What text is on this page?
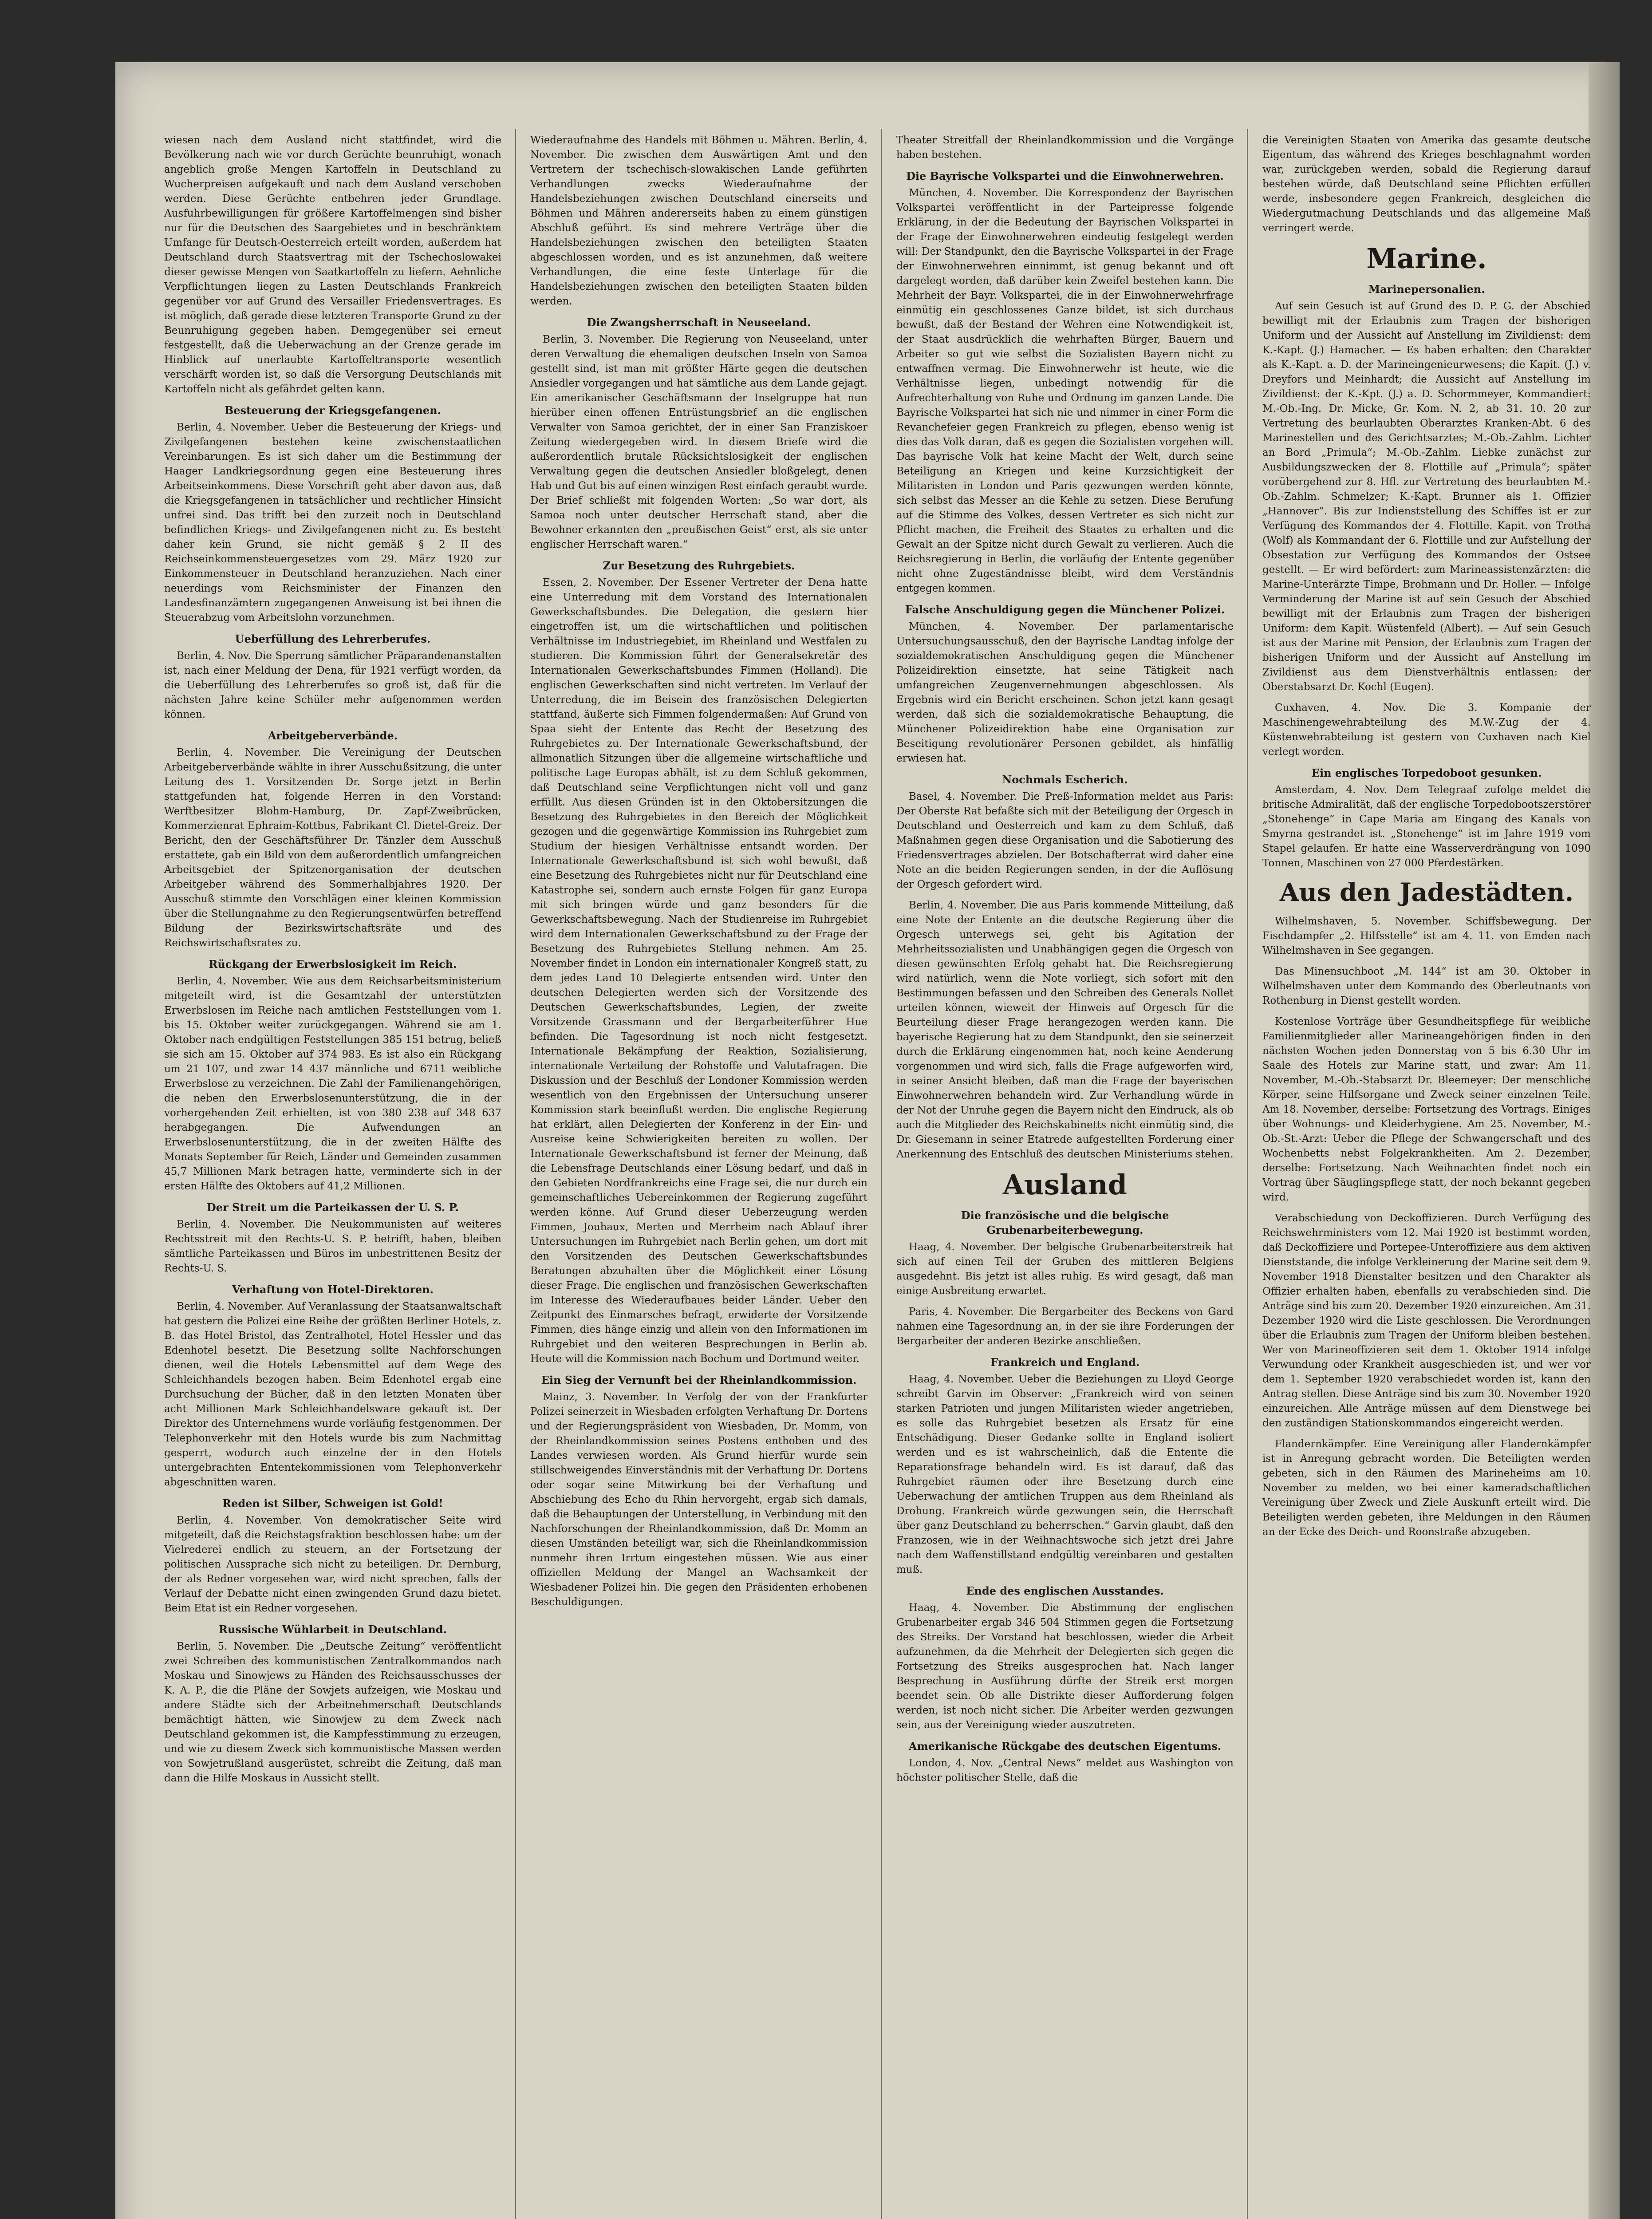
wiesen nach dem Ausland nicht stattfindet, wird die Bevölkerung nach wie vor durch Gerüchte beunruhigt, wonach angeblich große Mengen Kartoffeln in Deutschland zu Wucherpreisen aufgekauft und nach dem Ausland verschoben werden. Diese Gerüchte entbehren jeder Grundlage. Ausfuhrbewilligungen für größere Kartoffelmengen sind bisher nur für die Deutschen des Saargebietes und in beschränktem Umfange für Deutsch-Oesterreich erteilt worden, außerdem hat Deutschland durch Staatsvertrag mit der Tschechoslowakei dieser gewisse Mengen von Saatkartoffeln zu liefern. Aehnliche Verpflichtungen liegen zu Lasten Deutschlands Frankreich gegenüber vor auf Grund des Versailler Friedensvertrages. Es ist möglich, daß gerade diese letzteren Transporte Grund zu der Beunruhigung gegeben haben. Demgegenüber sei erneut festgestellt, daß die Ueberwachung an der Grenze gerade im Hinblick auf unerlaubte Kartoffeltransporte wesentlich verschärft worden ist, so daß die Versorgung Deutschlands mit Kartoffeln nicht als gefährdet gelten kann.

Besteuerung der Kriegsgefangenen.

Berlin, 4. November. Ueber die Besteuerung der Kriegs- und Zivilgefangenen bestehen keine zwischenstaatlichen Vereinbarungen. Es ist sich daher um die Bestimmung der Haager Landkriegsordnung gegen eine Besteuerung ihres Arbeitseinkommens. Diese Vorschrift geht aber davon aus, daß die Kriegsgefangenen in tatsächlicher und rechtlicher Hinsicht unfrei sind. Das trifft bei den zurzeit noch in Deutschland befindlichen Kriegs- und Zivilgefangenen nicht zu. Es besteht daher kein Grund, sie nicht gemäß § 2 II des Reichseinkommensteuergesetzes vom 29. März 1920 zur Einkommensteuer in Deutschland heranzuziehen. Nach einer neuerdings vom Reichsminister der Finanzen den Landesfinanzämtern zugegangenen Anweisung ist bei ihnen die Steuerabzug vom Arbeitslohn vorzunehmen.

Ueberfüllung des Lehrerberufes.

Berlin, 4. Nov. Die Sperrung sämtlicher Präparandenanstalten ist, nach einer Meldung der Dena, für 1921 verfügt worden, da die Ueberfüllung des Lehrerberufes so groß ist, daß für die nächsten Jahre keine Schüler mehr aufgenommen werden können.

Arbeitgeberverbände.

Berlin, 4. November. Die Vereinigung der Deutschen Arbeitgeberverbände wählte in ihrer Ausschußsitzung, die unter Leitung des 1. Vorsitzenden Dr. Sorge jetzt in Berlin stattgefunden hat, folgende Herren in den Vorstand: Werftbesitzer Blohm-Hamburg, Dr. Zapf-Zweibrücken, Kommerzienrat Ephraim-Kottbus, Fabrikant Cl. Dietel-Greiz. Der Bericht, den der Geschäftsführer Dr. Tänzler dem Ausschuß erstattete, gab ein Bild von dem außerordentlich umfangreichen Arbeitsgebiet der Spitzenorganisation der deutschen Arbeitgeber während des Sommerhalbjahres 1920. Der Ausschuß stimmte den Vorschlägen einer kleinen Kommission über die Stellungnahme zu den Regierungsentwürfen betreffend Bildung der Bezirkswirtschaftsräte und des Reichswirtschaftsrates zu.

Rückgang der Erwerbslosigkeit im Reich.

Berlin, 4. November. Wie aus dem Reichsarbeitsministerium mitgeteilt wird, ist die Gesamtzahl der unterstützten Erwerbslosen im Reiche nach amtlichen Feststellungen vom 1. bis 15. Oktober weiter zurückgegangen. Während sie am 1. Oktober nach endgültigen Feststellungen 385 151 betrug, beließ sie sich am 15. Oktober auf 374 983. Es ist also ein Rückgang um 21 107, und zwar 14 437 männliche und 6711 weibliche Erwerbslose zu verzeichnen. Die Zahl der Familienangehörigen, die neben den Erwerbslosenunterstützung, die in der vorhergehenden Zeit erhielten, ist von 380 238 auf 348 637 herabgegangen. Die Aufwendungen an Erwerbslosenunterstützung, die in der zweiten Hälfte des Monats September für Reich, Länder und Gemeinden zusammen 45,7 Millionen Mark betragen hatte, verminderte sich in der ersten Hälfte des Oktobers auf 41,2 Millionen.

Der Streit um die Parteikassen der U. S. P.

Berlin, 4. November. Die Neukommunisten auf weiteres Rechtsstreit mit den Rechts-U. S. P. betrifft, haben, bleiben sämtliche Parteikassen und Büros im unbestrittenen Besitz der Rechts-U. S.

Verhaftung von Hotel-Direktoren.

Berlin, 4. November. Auf Veranlassung der Staatsanwaltschaft hat gestern die Polizei eine Reihe der größten Berliner Hotels, z. B. das Hotel Bristol, das Zentralhotel, Hotel Hessler und das Edenhotel besetzt. Die Besetzung sollte Nachforschungen dienen, weil die Hotels Lebensmittel auf dem Wege des Schleichhandels bezogen haben. Beim Edenhotel ergab eine Durchsuchung der Bücher, daß in den letzten Monaten über acht Millionen Mark Schleichhandelsware gekauft ist. Der Direktor des Unternehmens wurde vorläufig festgenommen. Der Telephonverkehr mit den Hotels wurde bis zum Nachmittag gesperrt, wodurch auch einzelne der in den Hotels untergebrachten Ententekommissionen vom Telephonverkehr abgeschnitten waren.

Reden ist Silber, Schweigen ist Gold!

Berlin, 4. November. Von demokratischer Seite wird mitgeteilt, daß die Reichstagsfraktion beschlossen habe: um der Vielrederei endlich zu steuern, an der Fortsetzung der politischen Aussprache sich nicht zu beteiligen. Dr. Dernburg, der als Redner vorgesehen war, wird nicht sprechen, falls der Verlauf der Debatte nicht einen zwingenden Grund dazu bietet. Beim Etat ist ein Redner vorgesehen.

Russische Wühlarbeit in Deutschland.

Berlin, 5. November. Die „Deutsche Zeitung“ veröffentlicht zwei Schreiben des kommunistischen Zentralkommandos nach Moskau und Sinowjews zu Händen des Reichsausschusses der K. A. P., die die Pläne der Sowjets aufzeigen, wie Moskau und andere Städte sich der Arbeitnehmerschaft Deutschlands bemächtigt hätten, wie Sinowjew zu dem Zweck nach Deutschland gekommen ist, die Kampfesstimmung zu erzeugen, und wie zu diesem Zweck sich kommunistische Massen werden von Sowjetrußland ausgerüstet, schreibt die Zeitung, daß man dann die Hilfe Moskaus in Aussicht stellt.

Wiederaufnahme des Handels mit Böhmen u. Mähren. Berlin, 4. November. Die zwischen dem Auswärtigen Amt und den Vertretern der tschechisch-slowakischen Lande geführten Verhandlungen zwecks Wiederaufnahme der Handelsbeziehungen zwischen Deutschland einerseits und Böhmen und Mähren andererseits haben zu einem günstigen Abschluß geführt. Es sind mehrere Verträge über die Handelsbeziehungen zwischen den beteiligten Staaten abgeschlossen worden, und es ist anzunehmen, daß weitere Verhandlungen, die eine feste Unterlage für die Handelsbeziehungen zwischen den beteiligten Staaten bilden werden.

Die Zwangsherrschaft in Neuseeland.

Berlin, 3. November. Die Regierung von Neuseeland, unter deren Verwaltung die ehemaligen deutschen Inseln von Samoa gestellt sind, ist man mit größter Härte gegen die deutschen Ansiedler vorgegangen und hat sämtliche aus dem Lande gejagt. Ein amerikanischer Geschäftsmann der Inselgruppe hat nun hierüber einen offenen Entrüstungsbrief an die englischen Verwalter von Samoa gerichtet, der in einer San Franziskoer Zeitung wiedergegeben wird. In diesem Briefe wird die außerordentlich brutale Rücksichtslosigkeit der englischen Verwaltung gegen die deutschen Ansiedler bloßgelegt, denen Hab und Gut bis auf einen winzigen Rest einfach geraubt wurde. Der Brief schließt mit folgenden Worten: „So war dort, als Samoa noch unter deutscher Herrschaft stand, aber die Bewohner erkannten den „preußischen Geist“ erst, als sie unter englischer Herrschaft waren.“

Zur Besetzung des Ruhrgebiets.

Essen, 2. November. Der Essener Vertreter der Dena hatte eine Unterredung mit dem Vorstand des Internationalen Gewerkschaftsbundes. Die Delegation, die gestern hier eingetroffen ist, um die wirtschaftlichen und politischen Verhältnisse im Industriegebiet, im Rheinland und Westfalen zu studieren. Die Kommission führt der Generalsekretär des Internationalen Gewerkschaftsbundes Fimmen (Holland). Die englischen Gewerkschaften sind nicht vertreten. Im Verlauf der Unterredung, die im Beisein des französischen Delegierten stattfand, äußerte sich Fimmen folgendermaßen: Auf Grund von Spaa sieht der Entente das Recht der Besetzung des Ruhrgebietes zu. Der Internationale Gewerkschaftsbund, der allmonatlich Sitzungen über die allgemeine wirtschaftliche und politische Lage Europas abhält, ist zu dem Schluß gekommen, daß Deutschland seine Verpflichtungen nicht voll und ganz erfüllt. Aus diesen Gründen ist in den Oktobersitzungen die Besetzung des Ruhrgebietes in den Bereich der Möglichkeit gezogen und die gegenwärtige Kommission ins Ruhrgebiet zum Studium der hiesigen Verhältnisse entsandt worden. Der Internationale Gewerkschaftsbund ist sich wohl bewußt, daß eine Besetzung des Ruhrgebietes nicht nur für Deutschland eine Katastrophe sei, sondern auch ernste Folgen für ganz Europa mit sich bringen würde und ganz besonders für die Gewerkschaftsbewegung. Nach der Studienreise im Ruhrgebiet wird dem Internationalen Gewerkschaftsbund zu der Frage der Besetzung des Ruhrgebietes Stellung nehmen. Am 25. November findet in London ein internationaler Kongreß statt, zu dem jedes Land 10 Delegierte entsenden wird. Unter den deutschen Delegierten werden sich der Vorsitzende des Deutschen Gewerkschaftsbundes, Legien, der zweite Vorsitzende Grassmann und der Bergarbeiterführer Hue befinden. Die Tagesordnung ist noch nicht festgesetzt. Internationale Bekämpfung der Reaktion, Sozialisierung, internationale Verteilung der Rohstoffe und Valutafragen. Die Diskussion und der Beschluß der Londoner Kommission werden wesentlich von den Ergebnissen der Untersuchung unserer Kommission stark beeinflußt werden. Die englische Regierung hat erklärt, allen Delegierten der Konferenz in der Ein- und Ausreise keine Schwierigkeiten bereiten zu wollen. Der Internationale Gewerkschaftsbund ist ferner der Meinung, daß die Lebensfrage Deutschlands einer Lösung bedarf, und daß in den Gebieten Nordfrankreichs eine Frage sei, die nur durch ein gemeinschaftliches Uebereinkommen der Regierung zugeführt werden könne. Auf Grund dieser Ueberzeugung werden Fimmen, Jouhaux, Merten und Merrheim nach Ablauf ihrer Untersuchungen im Ruhrgebiet nach Berlin gehen, um dort mit den Vorsitzenden des Deutschen Gewerkschaftsbundes Beratungen abzuhalten über die Möglichkeit einer Lösung dieser Frage. Die englischen und französischen Gewerkschaften im Interesse des Wiederaufbaues beider Länder. Ueber den Zeitpunkt des Einmarsches befragt, erwiderte der Vorsitzende Fimmen, dies hänge einzig und allein von den Informationen im Ruhrgebiet und den weiteren Besprechungen in Berlin ab. Heute will die Kommission nach Bochum und Dortmund weiter.

Ein Sieg der Vernunft bei der Rheinlandkommission.

Mainz, 3. November. In Verfolg der von der Frankfurter Polizei seinerzeit in Wiesbaden erfolgten Verhaftung Dr. Dortens und der Regierungspräsident von Wiesbaden, Dr. Momm, von der Rheinlandkommission seines Postens enthoben und des Landes verwiesen worden. Als Grund hierfür wurde sein stillschweigendes Einverständnis mit der Verhaftung Dr. Dortens oder sogar seine Mitwirkung bei der Verhaftung und Abschiebung des Echo du Rhin hervorgeht, ergab sich damals, daß die Behauptungen der Unterstellung, in Verbindung mit den Nachforschungen der Rheinlandkommission, daß Dr. Momm an diesen Umständen beteiligt war, sich die Rheinlandkommission nunmehr ihren Irrtum eingestehen müssen. Wie aus einer offiziellen Meldung der Mangel an Wachsamkeit der Wiesbadener Polizei hin. Die gegen den Präsidenten erhobenen Beschuldigungen.

Theater Streitfall der Rheinlandkommission und die Vorgänge haben bestehen.

Die Bayrische Volkspartei und die Einwohnerwehren.

München, 4. November. Die Korrespondenz der Bayrischen Volkspartei veröffentlicht in der Parteipresse folgende Erklärung, in der die Bedeutung der Bayrischen Volkspartei in der Frage der Einwohnerwehren eindeutig festgelegt werden will: Der Standpunkt, den die Bayrische Volkspartei in der Frage der Einwohnerwehren einnimmt, ist genug bekannt und oft dargelegt worden, daß darüber kein Zweifel bestehen kann. Die Mehrheit der Bayr. Volkspartei, die in der Einwohnerwehrfrage einmütig ein geschlossenes Ganze bildet, ist sich durchaus bewußt, daß der Bestand der Wehren eine Notwendigkeit ist, der Staat ausdrücklich die wehrhaften Bürger, Bauern und Arbeiter so gut wie selbst die Sozialisten Bayern nicht zu entwaffnen vermag. Die Einwohnerwehr ist heute, wie die Verhältnisse liegen, unbedingt notwendig für die Aufrechterhaltung von Ruhe und Ordnung im ganzen Lande. Die Bayrische Volkspartei hat sich nie und nimmer in einer Form die Revanchefeier gegen Frankreich zu pflegen, ebenso wenig ist dies das Volk daran, daß es gegen die Sozialisten vorgehen will. Das bayrische Volk hat keine Macht der Welt, durch seine Beteiligung an Kriegen und keine Kurzsichtigkeit der Militaristen in London und Paris gezwungen werden könnte, sich selbst das Messer an die Kehle zu setzen. Diese Berufung auf die Stimme des Volkes, dessen Vertreter es sich nicht zur Pflicht machen, die Freiheit des Staates zu erhalten und die Gewalt an der Spitze nicht durch Gewalt zu verlieren. Auch die Reichsregierung in Berlin, die vorläufig der Entente gegenüber nicht ohne Zugeständnisse bleibt, wird dem Verständnis entgegen kommen.

Falsche Anschuldigung gegen die Münchener Polizei.

München, 4. November. Der parlamentarische Untersuchungsausschuß, den der Bayrische Landtag infolge der sozialdemokratischen Anschuldigung gegen die Münchener Polizeidirektion einsetzte, hat seine Tätigkeit nach umfangreichen Zeugenvernehmungen abgeschlossen. Als Ergebnis wird ein Bericht erscheinen. Schon jetzt kann gesagt werden, daß sich die sozialdemokratische Behauptung, die Münchener Polizeidirektion habe eine Organisation zur Beseitigung revolutionärer Personen gebildet, als hinfällig erwiesen hat.

Nochmals Escherich.

Basel, 4. November. Die Preß-Information meldet aus Paris: Der Oberste Rat befaßte sich mit der Beteiligung der Orgesch in Deutschland und Oesterreich und kam zu dem Schluß, daß Maßnahmen gegen diese Organisation und die Sabotierung des Friedensvertrages abzielen. Der Botschafterrat wird daher eine Note an die beiden Regierungen senden, in der die Auflösung der Orgesch gefordert wird.

Berlin, 4. November. Die aus Paris kommende Mitteilung, daß eine Note der Entente an die deutsche Regierung über die Orgesch unterwegs sei, geht bis Agitation der Mehrheitssozialisten und Unabhängigen gegen die Orgesch von diesen gewünschten Erfolg gehabt hat. Die Reichsregierung wird natürlich, wenn die Note vorliegt, sich sofort mit den Bestimmungen befassen und den Schreiben des Generals Nollet urteilen können, wieweit der Hinweis auf Orgesch für die Beurteilung dieser Frage herangezogen werden kann. Die bayerische Regierung hat zu dem Standpunkt, den sie seinerzeit durch die Erklärung eingenommen hat, noch keine Aenderung vorgenommen und wird sich, falls die Frage aufgeworfen wird, in seiner Ansicht bleiben, daß man die Frage der bayerischen Einwohnerwehren behandeln wird. Zur Verhandlung würde in der Not der Unruhe gegen die Bayern nicht den Eindruck, als ob auch die Mitglieder des Reichskabinetts nicht einmütig sind, die Dr. Giesemann in seiner Etatrede aufgestellten Forderung einer Anerkennung des Entschluß des deutschen Ministeriums stehen.

Ausland
Die französische und die belgische Grubenarbeiterbewegung.

Haag, 4. November. Der belgische Grubenarbeiterstreik hat sich auf einen Teil der Gruben des mittleren Belgiens ausgedehnt. Bis jetzt ist alles ruhig. Es wird gesagt, daß man einige Ausbreitung erwartet.

Paris, 4. November. Die Bergarbeiter des Beckens von Gard nahmen eine Tagesordnung an, in der sie ihre Forderungen der Bergarbeiter der anderen Bezirke anschließen.

Frankreich und England.

Haag, 4. November. Ueber die Beziehungen zu Lloyd George schreibt Garvin im Observer: „Frankreich wird von seinen starken Patrioten und jungen Militaristen wieder angetrieben, es solle das Ruhrgebiet besetzen als Ersatz für eine Entschädigung. Dieser Gedanke sollte in England isoliert werden und es ist wahrscheinlich, daß die Entente die Reparationsfrage behandeln wird. Es ist darauf, daß das Ruhrgebiet räumen oder ihre Besetzung durch eine Ueberwachung der amtlichen Truppen aus dem Rheinland als Drohung. Frankreich würde gezwungen sein, die Herrschaft über ganz Deutschland zu beherrschen.“ Garvin glaubt, daß den Franzosen, wie in der Weihnachtswoche sich jetzt drei Jahre nach dem Waffenstillstand endgültig vereinbaren und gestalten muß.

Ende des englischen Ausstandes.

Haag, 4. November. Die Abstimmung der englischen Grubenarbeiter ergab 346 504 Stimmen gegen die Fortsetzung des Streiks. Der Vorstand hat beschlossen, wieder die Arbeit aufzunehmen, da die Mehrheit der Delegierten sich gegen die Fortsetzung des Streiks ausgesprochen hat. Nach langer Besprechung in Ausführung dürfte der Streik erst morgen beendet sein. Ob alle Distrikte dieser Aufforderung folgen werden, ist noch nicht sicher. Die Arbeiter werden gezwungen sein, aus der Vereinigung wieder auszutreten.

Amerikanische Rückgabe des deutschen Eigentums.

London, 4. Nov. „Central News“ meldet aus Washington von höchster politischer Stelle, daß die

die Vereinigten Staaten von Amerika das gesamte deutsche Eigentum, das während des Krieges beschlagnahmt worden war, zurückgeben werden, sobald die Regierung darauf bestehen würde, daß Deutschland seine Pflichten erfüllen werde, insbesondere gegen Frankreich, desgleichen die Wiedergutmachung Deutschlands und das allgemeine Maß verringert werde.

Marine.
Marinepersonalien.

Auf sein Gesuch ist auf Grund des D. P. G. der Abschied bewilligt mit der Erlaubnis zum Tragen der bisherigen Uniform und der Aussicht auf Anstellung im Zivildienst: dem K.-Kapt. (J.) Hamacher. — Es haben erhalten: den Charakter als K.-Kapt. a. D. der Marineingenieurwesens; die Kapit. (J.) v. Dreyfors und Meinhardt; die Aussicht auf Anstellung im Zivildienst: der K.-Kpt. (J.) a. D. Schormmeyer, Kommandiert: M.-Ob.-Ing. Dr. Micke, Gr. Kom. N. 2, ab 31. 10. 20 zur Vertretung des beurlaubten Oberarztes Kranken-Abt. 6 des Marinestellen und des Gerichtsarztes; M.-Ob.-Zahlm. Lichter an Bord „Primula“; M.-Ob.-Zahlm. Liebke zunächst zur Ausbildungszwecken der 8. Flottille auf „Primula“; später vorübergehend zur 8. Hfl. zur Vertretung des beurlaubten M.-Ob.-Zahlm. Schmelzer; K.-Kapt. Brunner als 1. Offizier „Hannover“. Bis zur Indienststellung des Schiffes ist er zur Verfügung des Kommandos der 4. Flottille. Kapit. von Trotha (Wolf) als Kommandant der 6. Flottille und zur Aufstellung der Obsestation zur Verfügung des Kommandos der Ostsee gestellt. — Er wird befördert: zum Marineassistenzärzten: die Marine-Unterärzte Timpe, Brohmann und Dr. Holler. — Infolge Verminderung der Marine ist auf sein Gesuch der Abschied bewilligt mit der Erlaubnis zum Tragen der bisherigen Uniform: dem Kapit. Wüstenfeld (Albert). — Auf sein Gesuch ist aus der Marine mit Pension, der Erlaubnis zum Tragen der bisherigen Uniform und der Aussicht auf Anstellung im Zivildienst aus dem Dienstverhältnis entlassen: der Oberstabsarzt Dr. Kochl (Eugen).

Cuxhaven, 4. Nov. Die 3. Kompanie der Maschinengewehrabteilung des M.W.-Zug der 4. Küstenwehrabteilung ist gestern von Cuxhaven nach Kiel verlegt worden.

Ein englisches Torpedoboot gesunken.

Amsterdam, 4. Nov. Dem Telegraaf zufolge meldet die britische Admiralität, daß der englische Torpedobootszerstörer „Stonehenge“ in Cape Maria am Eingang des Kanals von Smyrna gestrandet ist. „Stonehenge“ ist im Jahre 1919 vom Stapel gelaufen. Er hatte eine Wasserverdrängung von 1090 Tonnen, Maschinen von 27 000 Pferdestärken.

Aus den Jadestädten.

Wilhelmshaven, 5. November. Schiffsbewegung. Der Fischdampfer „2. Hilfsstelle“ ist am 4. 11. von Emden nach Wilhelmshaven in See gegangen.

Das Minensuchboot „M. 144“ ist am 30. Oktober in Wilhelmshaven unter dem Kommando des Oberleutnants von Rothenburg in Dienst gestellt worden.

Kostenlose Vorträge über Gesundheitspflege für weibliche Familienmitglieder aller Marineangehörigen finden in den nächsten Wochen jeden Donnerstag von 5 bis 6.30 Uhr im Saale des Hotels zur Marine statt, und zwar: Am 11. November, M.-Ob.-Stabsarzt Dr. Bleemeyer: Der menschliche Körper, seine Hilfsorgane und Zweck seiner einzelnen Teile. Am 18. November, derselbe: Fortsetzung des Vortrags. Einiges über Wohnungs- und Kleiderhygiene. Am 25. November, M.-Ob.-St.-Arzt: Ueber die Pflege der Schwangerschaft und des Wochenbetts nebst Folgekrankheiten. Am 2. Dezember, derselbe: Fortsetzung. Nach Weihnachten findet noch ein Vortrag über Säuglingspflege statt, der noch bekannt gegeben wird.

Verabschiedung von Deckoffizieren. Durch Verfügung des Reichswehrministers vom 12. Mai 1920 ist bestimmt worden, daß Deckoffiziere und Portepee-Unteroffiziere aus dem aktiven Dienststande, die infolge Verkleinerung der Marine seit dem 9. November 1918 Dienstalter besitzen und den Charakter als Offizier erhalten haben, ebenfalls zu verabschieden sind. Die Anträge sind bis zum 20. Dezember 1920 einzureichen. Am 31. Dezember 1920 wird die Liste geschlossen. Die Verordnungen über die Erlaubnis zum Tragen der Uniform bleiben bestehen. Wer von Marineoffizieren seit dem 1. Oktober 1914 infolge Verwundung oder Krankheit ausgeschieden ist, und wer vor dem 1. September 1920 verabschiedet worden ist, kann den Antrag stellen. Diese Anträge sind bis zum 30. November 1920 einzureichen. Alle Anträge müssen auf dem Dienstwege bei den zuständigen Stationskommandos eingereicht werden.

Flandernkämpfer. Eine Vereinigung aller Flandernkämpfer ist in Anregung gebracht worden. Die Beteiligten werden gebeten, sich in den Räumen des Marineheims am 10. November zu melden, wo bei einer kameradschaftlichen Vereinigung über Zweck und Ziele Auskunft erteilt wird. Die Beteiligten werden gebeten, ihre Meldungen in den Räumen an der Ecke des Deich- und Roonstraße abzugeben.
